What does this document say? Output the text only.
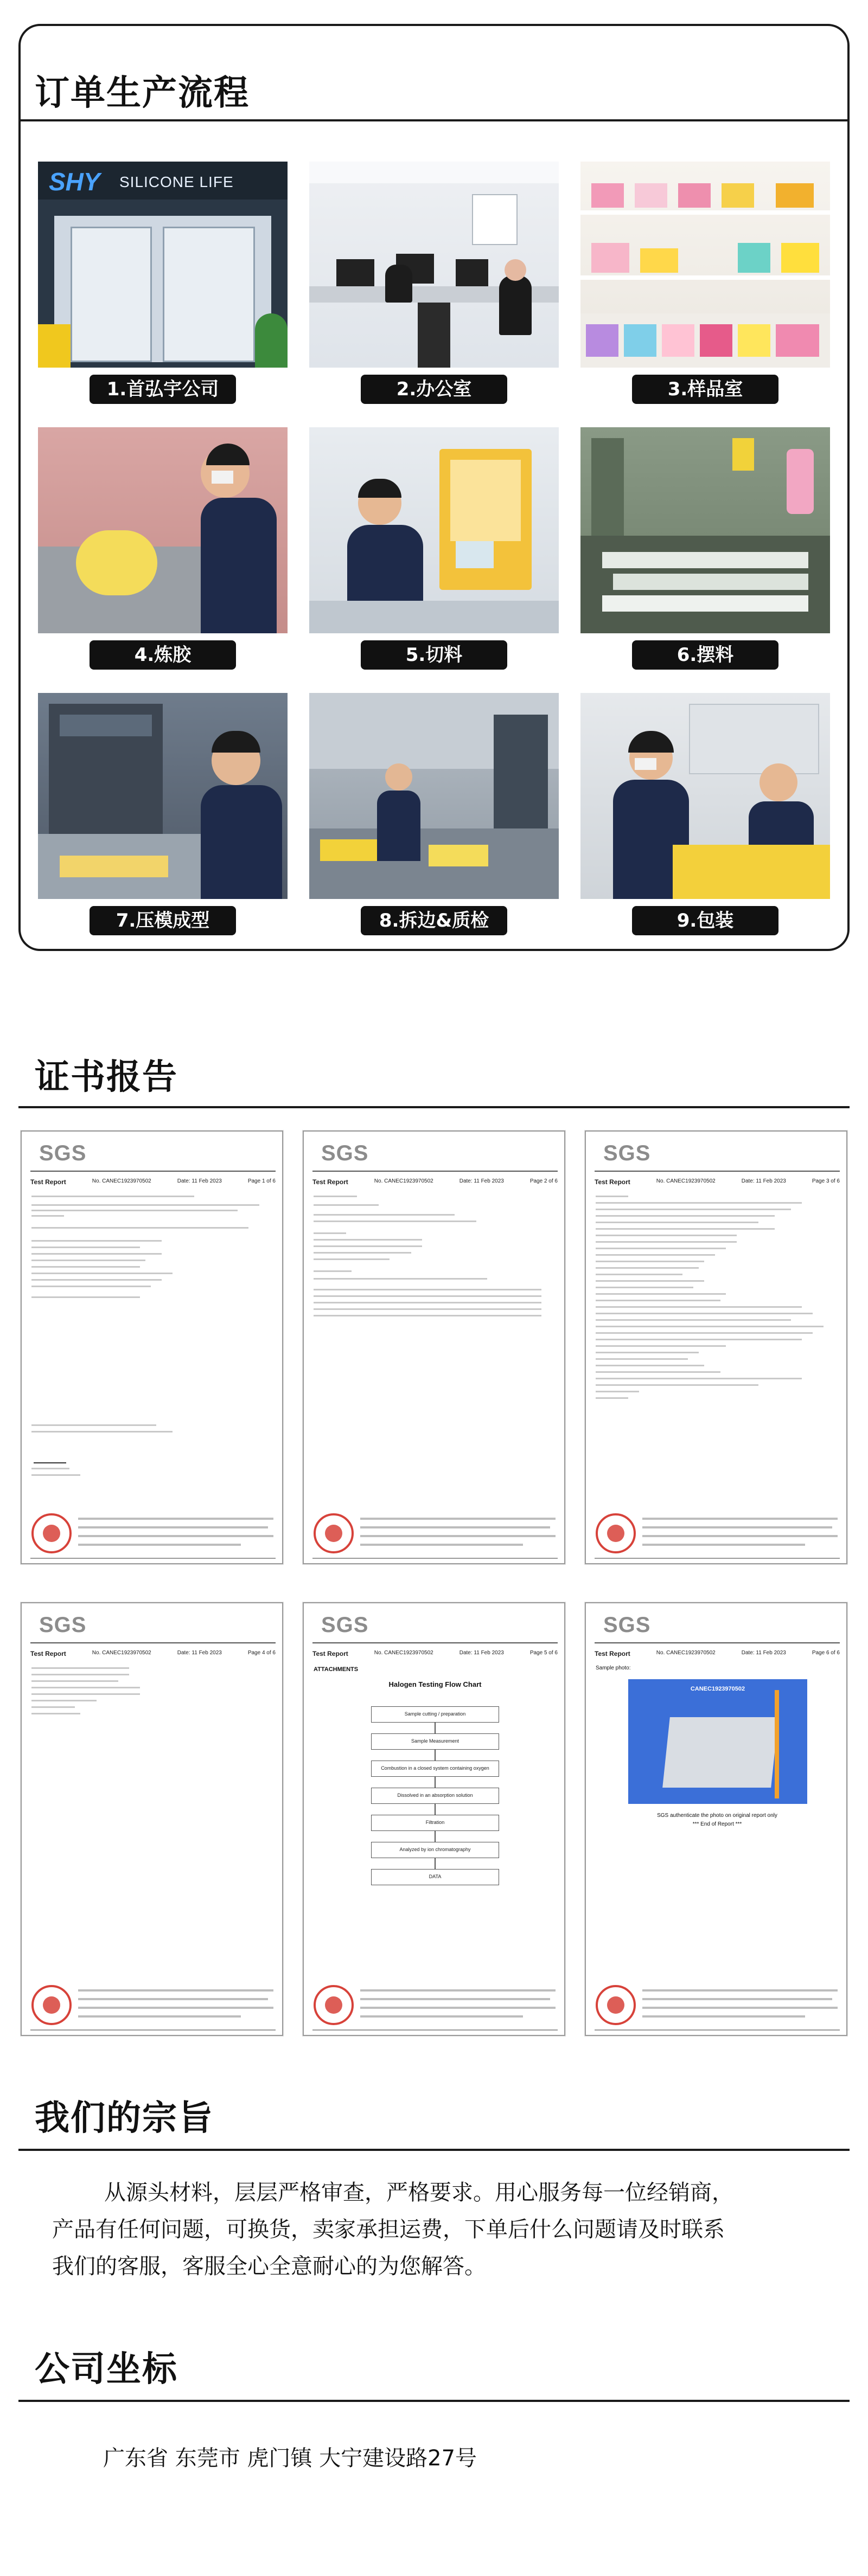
订单生产流程
SHY SILICONE LIFE
1.首弘宇公司	2.办公室	3.样品室
4.炼胶	5.切料	6.摆料
7.压模成型	8.拆边&质检	9.包装
证书报告
SGS
Test Report	No. CANEC1923970502	Date: 11 Feb 2023	Page 1 of 6
SGS
Test Report	No. CANEC1923970502	Date: 11 Feb 2023	Page 2 of 6
SGS
Test Report	No. CANEC1923970502	Date: 11 Feb 2023	Page 3 of 6
SGS
Test Report	No. CANEC1923970502	Date: 11 Feb 2023	Page 4 of 6
SGS
Test Report	No. CANEC1923970502	Date: 11 Feb 2023	Page 5 of 6
ATTACHMENTS
Halogen Testing Flow Chart
Sample cutting / preparation
Sample Measurement
Combustion in a closed system containing oxygen
Dissolved in an absorption solution
Filtration
Analyzed by ion chromatography
DATA
SGS
Test Report	No. CANEC1923970502	Date: 11 Feb 2023	Page 6 of 6
Sample photo:
CANEC1923970502
SGS authenticate the photo on original report only
*** End of Report ***
我们的宗旨
从源头材料，层层严格审查，严格要求。用心服务每一位经销商，
产品有任何问题，可换货，卖家承担运费，下单后什么问题请及时联系
我们的客服，客服全心全意耐心的为您解答。
公司坐标
广东省 东莞市 虎门镇 大宁建设路27号
